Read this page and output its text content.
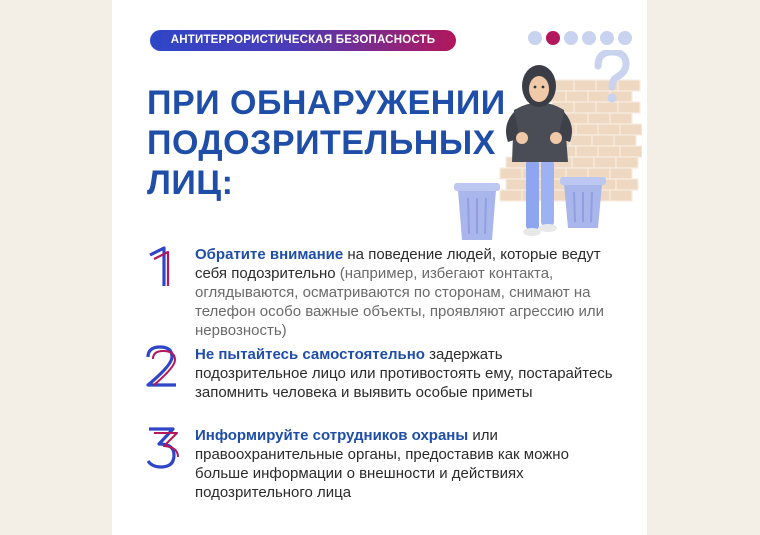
АНТИТЕРРОРИСТИЧЕСКАЯ БЕЗОПАСНОСТЬ
ПРИ ОБНАРУЖЕНИИ
ПОДОЗРИТЕЛЬНЫХ
ЛИЦ:
Обратите внимание на поведение людей, которые ведут себя подозрительно (например, избегают контакта, оглядываются, осматриваются по сторонам, снимают на телефон особо важные объекты, проявляют агрессию или нервозность)
Не пытайтесь самостоятельно задержать подозрительное лицо или противостоять ему, постарайтесь запомнить человека и выявить особые приметы
Информируйте сотрудников охраны или правоохранительные органы, предоставив как можно больше информации о внешности и действиях подозрительного лица
